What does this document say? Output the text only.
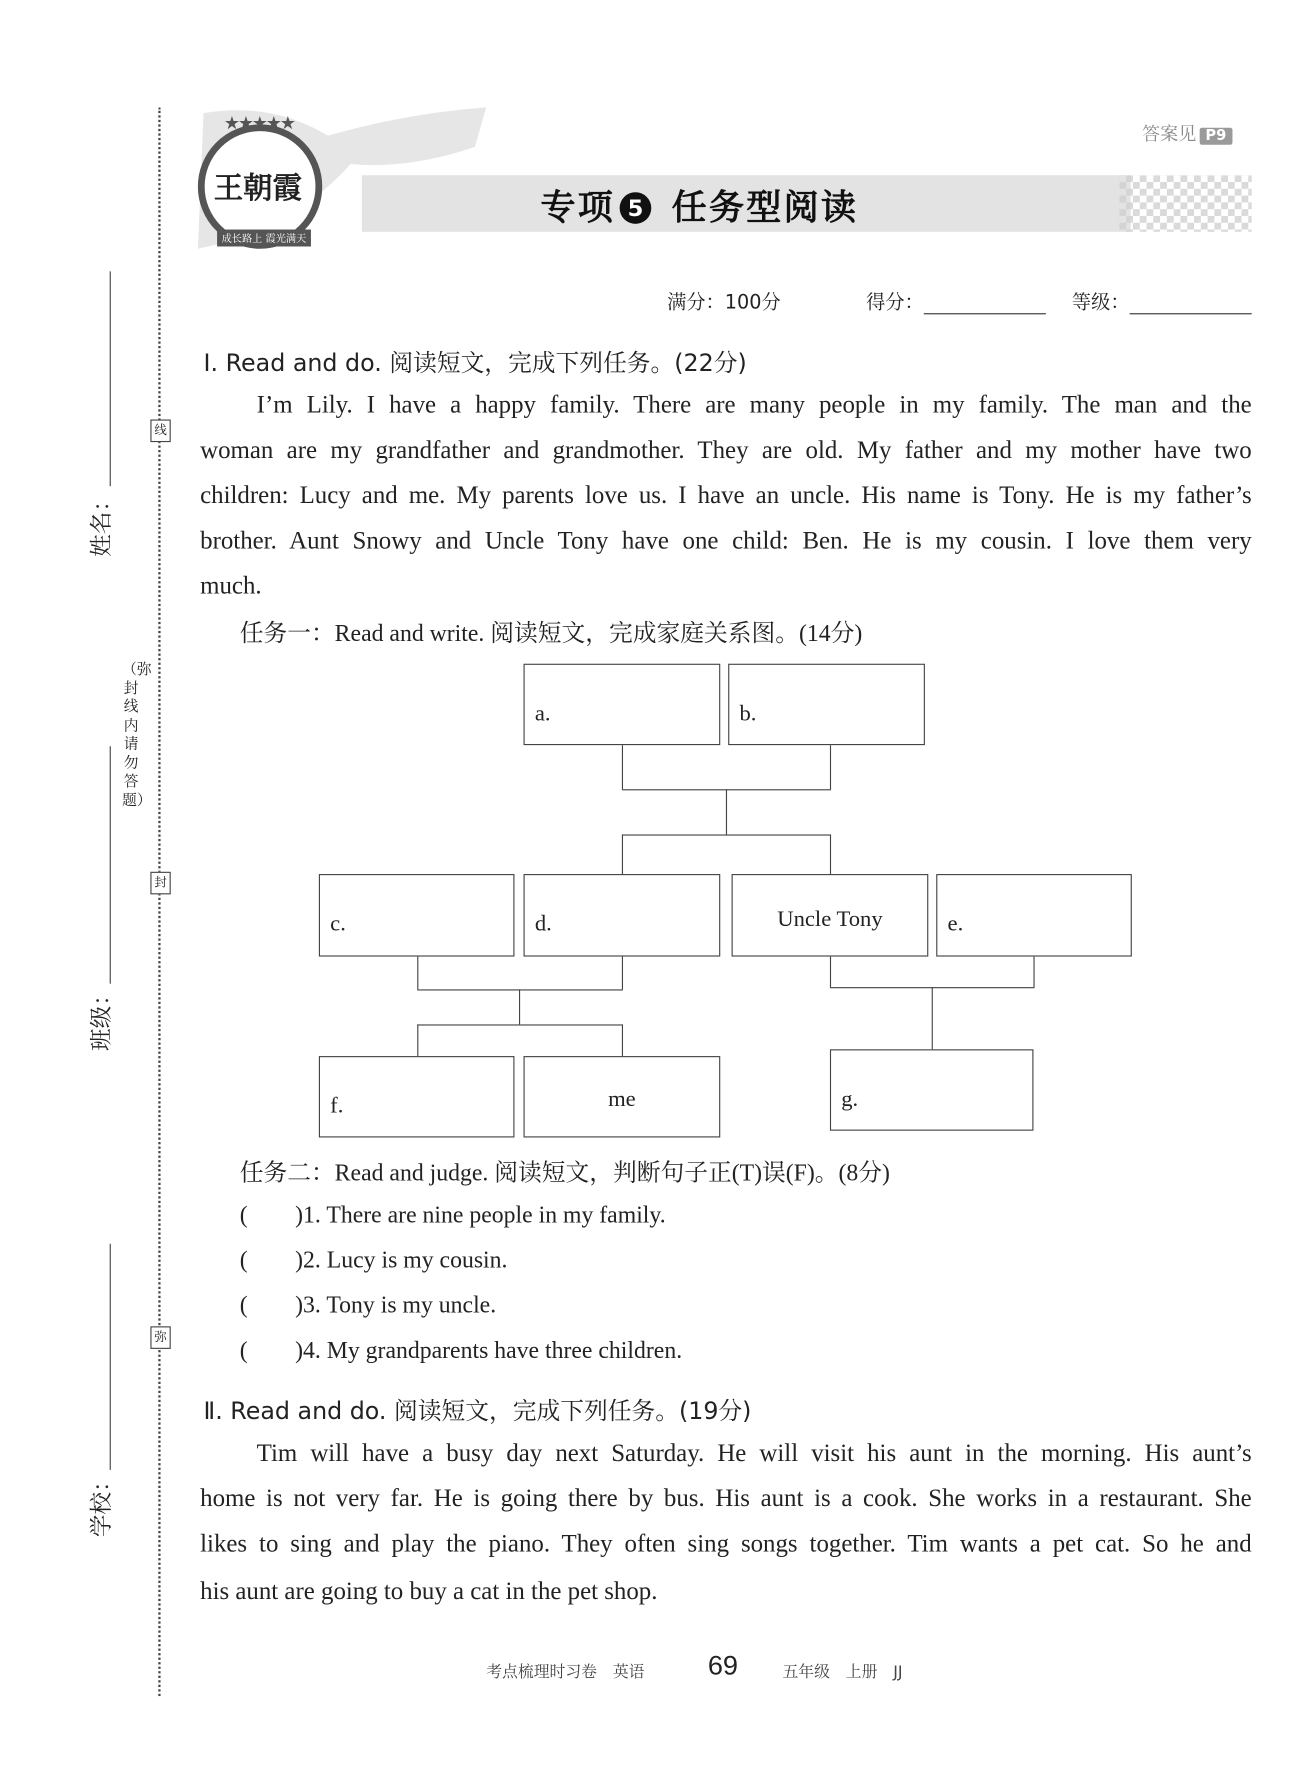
姓名：
班级：
学校：
线
封
弥
（弥封线内请勿答题）
王朝霞
成长路上 霞光满天
★★★★★
专项 5 任务型阅读
答案见 P9
满分：100分	得分：	等级：
Ⅰ. Read and do. 阅读短文，完成下列任务。(22分)
I’m Lily. I have a happy family. There are many people in my family. The man and the
woman are my grandfather and grandmother. They are old. My father and my mother have two
children: Lucy and me. My parents love us. I have an uncle. His name is Tony. He is my father’s
brother. Aunt Snowy and Uncle Tony have one child: Ben. He is my cousin. I love them very
much.
任务一：Read and write. 阅读短文，完成家庭关系图。(14分)
a.	b.
c.	d.	Uncle Tony	e.
f.	me	g.
任务二：Read and judge. 阅读短文，判断句子正(T)误(F)。(8分)
(        )1. There are nine people in my family.
(        )2. Lucy is my cousin.
(        )3. Tony is my uncle.
(        )4. My grandparents have three children.
Ⅱ. Read and do. 阅读短文，完成下列任务。(19分)
Tim will have a busy day next Saturday. He will visit his aunt in the morning. His aunt’s
home is not very far. He is going there by bus. His aunt is a cook. She works in a restaurant. She
likes to sing and play the piano. They often sing songs together. Tim wants a pet cat. So he and
his aunt are going to buy a cat in the pet shop.
考点梳理时习卷　英语	69	五年级　上册　JJ
